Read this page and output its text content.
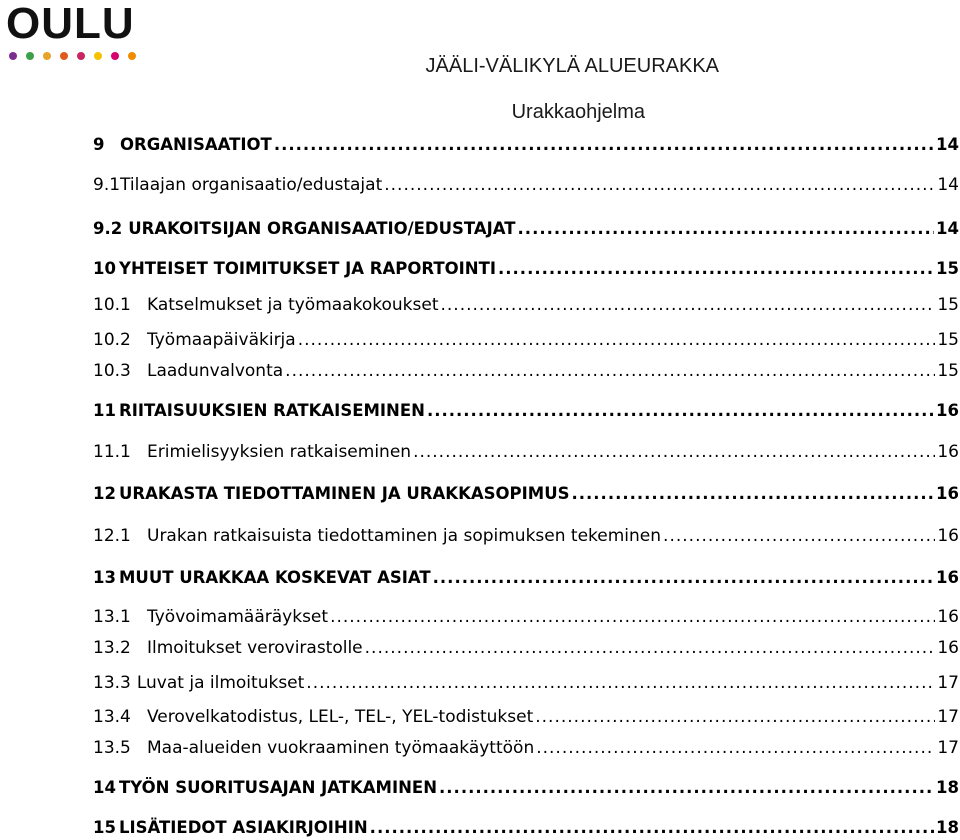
OULU
JÄÄLI-VÄLIKYLÄ ALUEURAKKA
Urakkaohjelma
9 ORGANISAATIOT .....	14
9.1 Tilaajan organisaatio/edustajat .....	14
9.2 URAKOITSIJAN ORGANISAATIO/EDUSTAJAT .....	14
10 YHTEISET TOIMITUKSET JA RAPORTOINTI .....	15
10.1 Katselmukset ja työmaakokoukset .....	15
10.2 Työmaapäiväkirja .....	15
10.3 Laadunvalvonta .....	15
11 RIITAISUUKSIEN RATKAISEMINEN .....	16
11.1 Erimielisyyksien ratkaiseminen .....	16
12 URAKASTA TIEDOTTAMINEN JA URAKKASOPIMUS .....	16
12.1 Urakan ratkaisuista tiedottaminen ja sopimuksen tekeminen .....	16
13 MUUT URAKKAA KOSKEVAT ASIAT .....	16
13.1 Työvoimamääräykset .....	16
13.2 Ilmoitukset verovirastolle .....	16
13.3 Luvat ja ilmoitukset .....	17
13.4 Verovelkatodistus, LEL-, TEL-, YEL-todistukset .....	17
13.5 Maa-alueiden vuokraaminen työmaakäyttöön .....	17
14 TYÖN SUORITUSAJAN JATKAMINEN .....	18
15 LISÄTIEDOT ASIAKIRJOIHIN .....	18
